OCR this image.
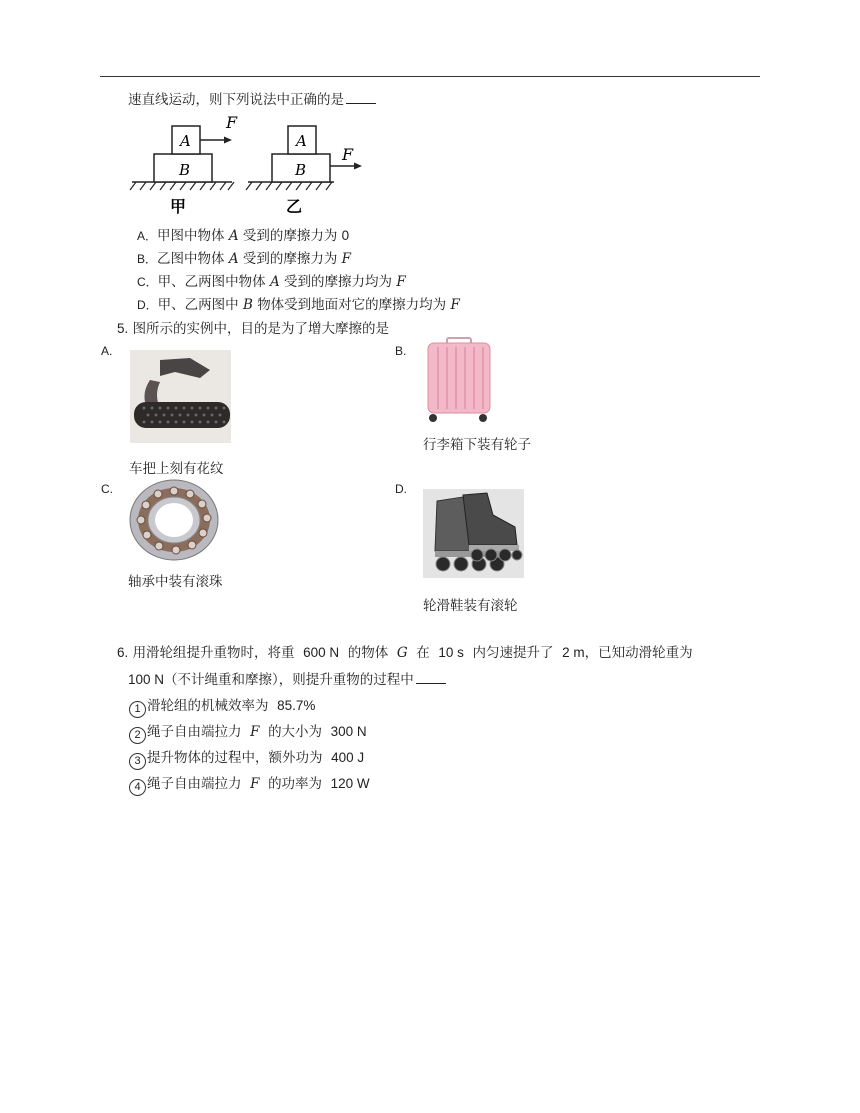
速直线运动，则下列说法中正确的是
A
B
F
甲
A
B
F
乙
A．甲图中物体 A 受到的摩擦力为 0
B．乙图中物体 A 受到的摩擦力为 F
C．甲、乙两图中物体 A 受到的摩擦力均为 F
D．甲、乙两图中 B 物体受到地面对它的摩擦力均为 F
5. 图所示的实例中，目的是为了增大摩擦的是
A.
车把上刻有花纹
B.
行李箱下装有轮子
C.
轴承中装有滚珠
D.
轮滑鞋装有滚轮
6. 用滑轮组提升重物时，将重 600 N 的物体 G 在 10 s 内匀速提升了 2 m，已知动滑轮重为
100 N（不计绳重和摩擦），则提升重物的过程中
1 滑轮组的机械效率为 85.7%
2 绳子自由端拉力 F 的大小为 300 N
3 提升物体的过程中，额外功为 400 J
4 绳子自由端拉力 F 的功率为 120 W
